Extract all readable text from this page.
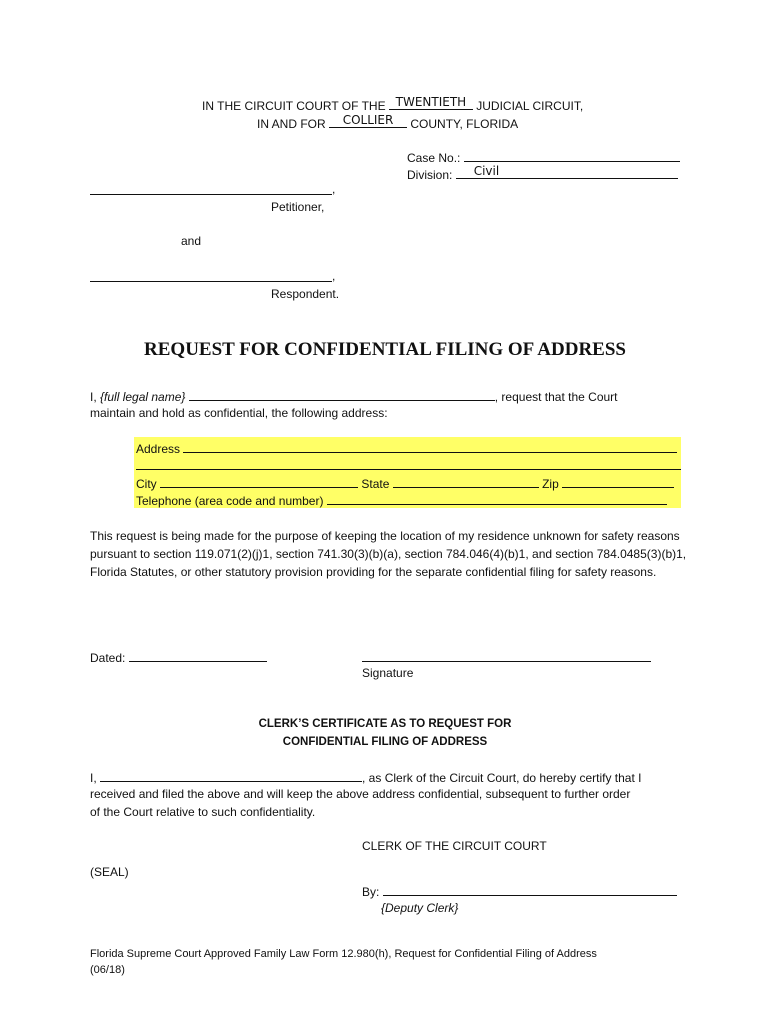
IN THE CIRCUIT COURT OF THE TWENTIETH JUDICIAL CIRCUIT,
IN AND FOR COLLIER COUNTY, FLORIDA
Case No.:
Division: Civil
,
Petitioner,
and
,
Respondent.
REQUEST FOR CONFIDENTIAL FILING OF ADDRESS
I, {full legal name}	, request that the Court
maintain and hold as confidential, the following address:
Address
City	State	Zip
Telephone (area code and number)
This request is being made for the purpose of keeping the location of my residence unknown for safety reasons pursuant to section 119.071(2)(j)1, section 741.30(3)(b)(a), section 784.046(4)(b)1, and section 784.0485(3)(b)1, Florida Statutes, or other statutory provision providing for the separate confidential filing for safety reasons.
Dated:
Signature
CLERK’S CERTIFICATE AS TO REQUEST FOR
CONFIDENTIAL FILING OF ADDRESS
I,	, as Clerk of the Circuit Court, do hereby certify that I
received and filed the above and will keep the above address confidential, subsequent to further order
of the Court relative to such confidentiality.
CLERK OF THE CIRCUIT COURT
(SEAL)
By:
{Deputy Clerk}
Florida Supreme Court Approved Family Law Form 12.980(h), Request for Confidential Filing of Address
(06/18)
